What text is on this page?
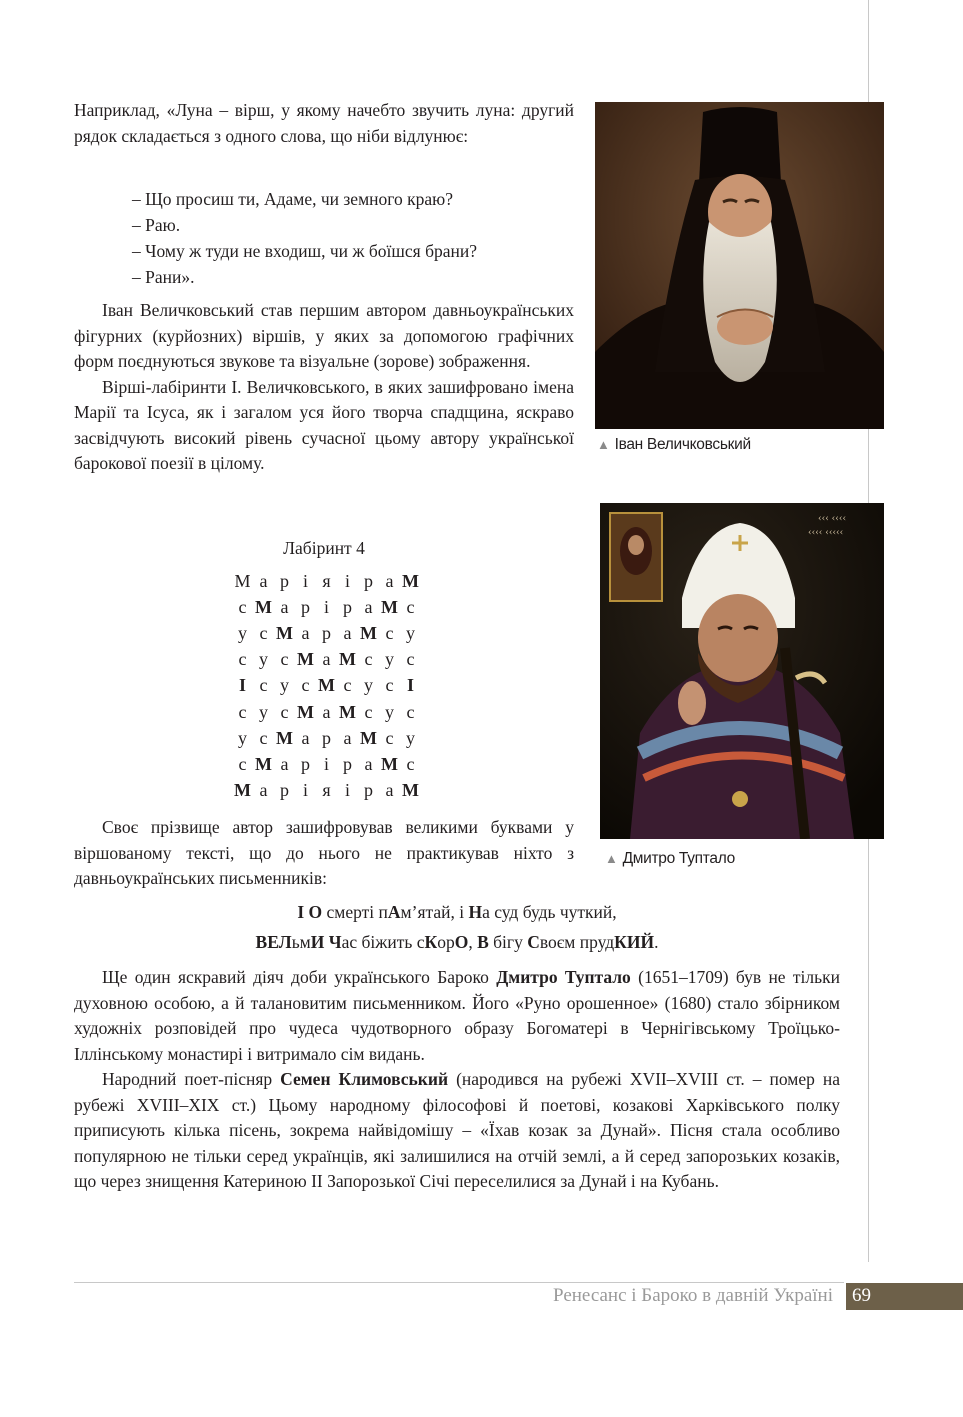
Наприклад, «Луна – вірш, у якому начебто звучить луна: другий рядок складається з одного слова, що ніби відлунює:

– Що просиш ти, Адаме, чи земного краю?
– Раю.
– Чому ж туди не входиш, чи ж боїшся брани?
– Рани».

Іван Величковський став першим автором давньоукраїнських фігурних (курйозних) віршів, у яких за допомогою графічних форм поєднуються звукове та візуальне (зорове) зображення.

Вірші-лабіринти І. Величковського, в яких зашифровано імена Марії та Ісуса, як і загалом уся його творча спадщина, яскраво засвідчують високий рівень сучасної цьому автору української барокової поезії в цілому.

Лабіринт 4
М а р і я і р а М
с М а р і р а М с
у с М а р а М с у
с у с М а М с у с
І с у с М с у с І
с у с М а М с у с
у с М а р а М с у
с М а р і р а М с
М а р і я і р а М

Своє прізвище автор зашифровував великими буквами у віршованому тексті, що до нього не практикував ніхто з давньоукраїнських письменників:

І О смерті пАм’ятай, і На суд будь чуткий,
ВЕЛьмИ Час біжить сКорО, В бігу Своєм прудКИЙ.

Ще один яскравий діяч доби українського Бароко Дмитро Туптало (1651–1709) був не тільки духовною особою, а й талановитим письменником. Його «Руно орошенное» (1680) стало збірником художніх розповідей про чудеса чудотворного образу Богоматері в Чернігівському Троїцько-Іллінському монастирі і витримало сім видань.

Народний поет-пісняр Семен Климовський (народився на рубежі XVII–XVIII ст. – помер на рубежі XVIII–XIX ст.) Цьому народному філософові й поетові, козакові Харківського полку приписують кілька пісень, зокрема найвідомішу – «Їхав козак за Дунай». Пісня стала особливо популярною не тільки серед українців, які залишилися на отчій землі, а й серед запорозьких козаків, що через знищення Катериною ІІ Запорозької Січі переселилися за Дунай і на Кубань.

▲ Іван Величковський
‹‹‹ ‹‹‹‹
‹‹‹‹ ‹‹‹‹‹
▲ Дмитро Туптало
Ренесанс і Бароко в давній Україні 69
